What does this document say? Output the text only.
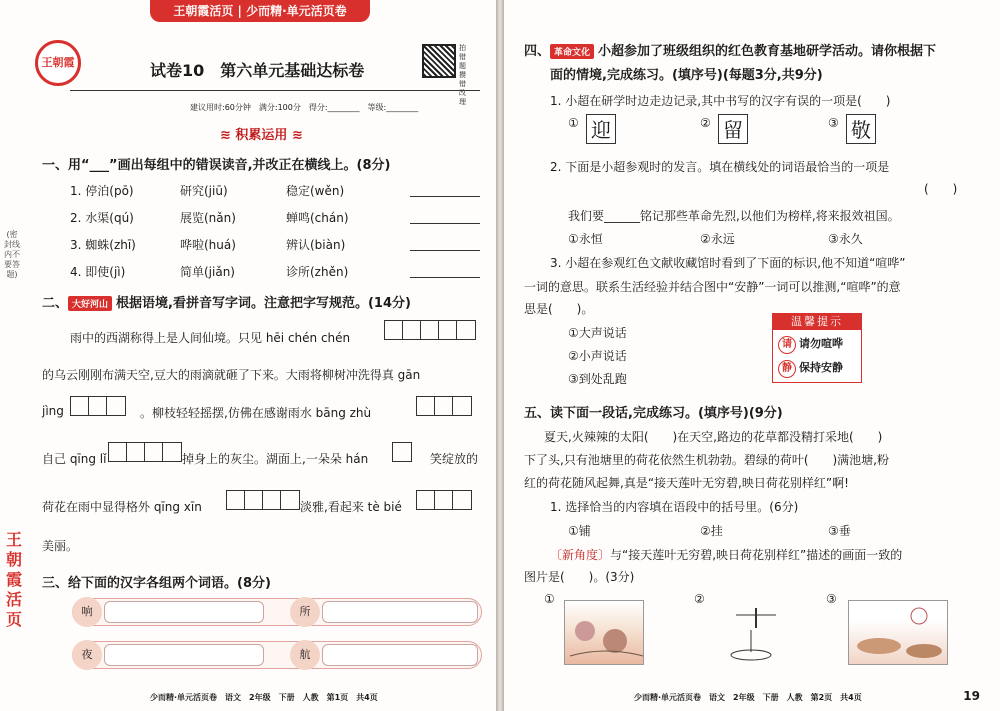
王朝霞活页 | 少而精·单元活页卷
王朝霞	试卷10　第六单元基础达标卷
拍错题攒错改理
建议用时:60分钟　满分:100分　得分:________　等级:________
≋ 积累运用 ≋
(密封线内不要答题)
王朝霞活页
一、用“___”画出每组中的错误读音,并改正在横线上。(8分)
1. 停泊(pō)	研究(jiū)	稳定(wěn)
2. 水渠(qú)	展览(nǎn)	蝉鸣(chán)
3. 蜘蛛(zhī)	哗啦(huá)	辨认(biàn)
4. 即使(jì)	简单(jiǎn)	诊所(zhěn)
二、 大好河山 根据语境,看拼音写字词。注意把字写规范。(14分)
雨中的西湖称得上是人间仙境。只见 hēi chén chén
的乌云刚刚布满天空,豆大的雨滴就砸了下来。大雨将柳树冲洗得真 gān
jìng	。柳枝轻轻摇摆,仿佛在感谢雨水 bāng zhù
自己 qīng lǐ	掉身上的灰尘。湖面上,一朵朵 hán	笑绽放的
荷花在雨中显得格外 qīng xīn	淡雅,看起来 tè bié
美丽。
三、给下面的汉字各组两个词语。(8分)
响	所
夜	航
少而精·单元活页卷　语文　2年级　下册　人教　第1页　共4页
四、 革命文化 小超参加了班级组织的红色教育基地研学活动。请你根据下
面的情境,完成练习。(填序号)(每题3分,共9分)
1. 小超在研学时边走边记录,其中书写的汉字有误的一项是(　　)
① 迎	② 留	③ 敬
2. 下面是小超参观时的发言。填在横线处的词语最恰当的一项是
(　　)
我们要______铭记那些革命先烈,以他们为榜样,将来报效祖国。
①永恒	②永远	③永久
3. 小超在参观红色文献收藏馆时看到了下面的标识,他不知道“喧哗”
一词的意思。联系生活经验并结合图中“安静”一词可以推测,“喧哗”的意
思是(　　)。
①大声说话
②小声说话
③到处乱跑
温馨提示
请 请勿喧哗
静 保持安静
五、读下面一段话,完成练习。(填序号)(9分)
夏天,火辣辣的太阳(　　)在天空,路边的花草都没精打采地(　　)
下了头,只有池塘里的荷花依然生机勃勃。碧绿的荷叶(　　)满池塘,粉
红的荷花随风起舞,真是“接天莲叶无穷碧,映日荷花别样红”啊!
1. 选择恰当的内容填在语段中的括号里。(6分)
①铺	②挂	③垂
〔新角度〕与“接天莲叶无穷碧,映日荷花别样红”描述的画面一致的
图片是(　　)。(3分)
①	②	③
少而精·单元活页卷　语文　2年级　下册　人教　第2页　共4页	19
